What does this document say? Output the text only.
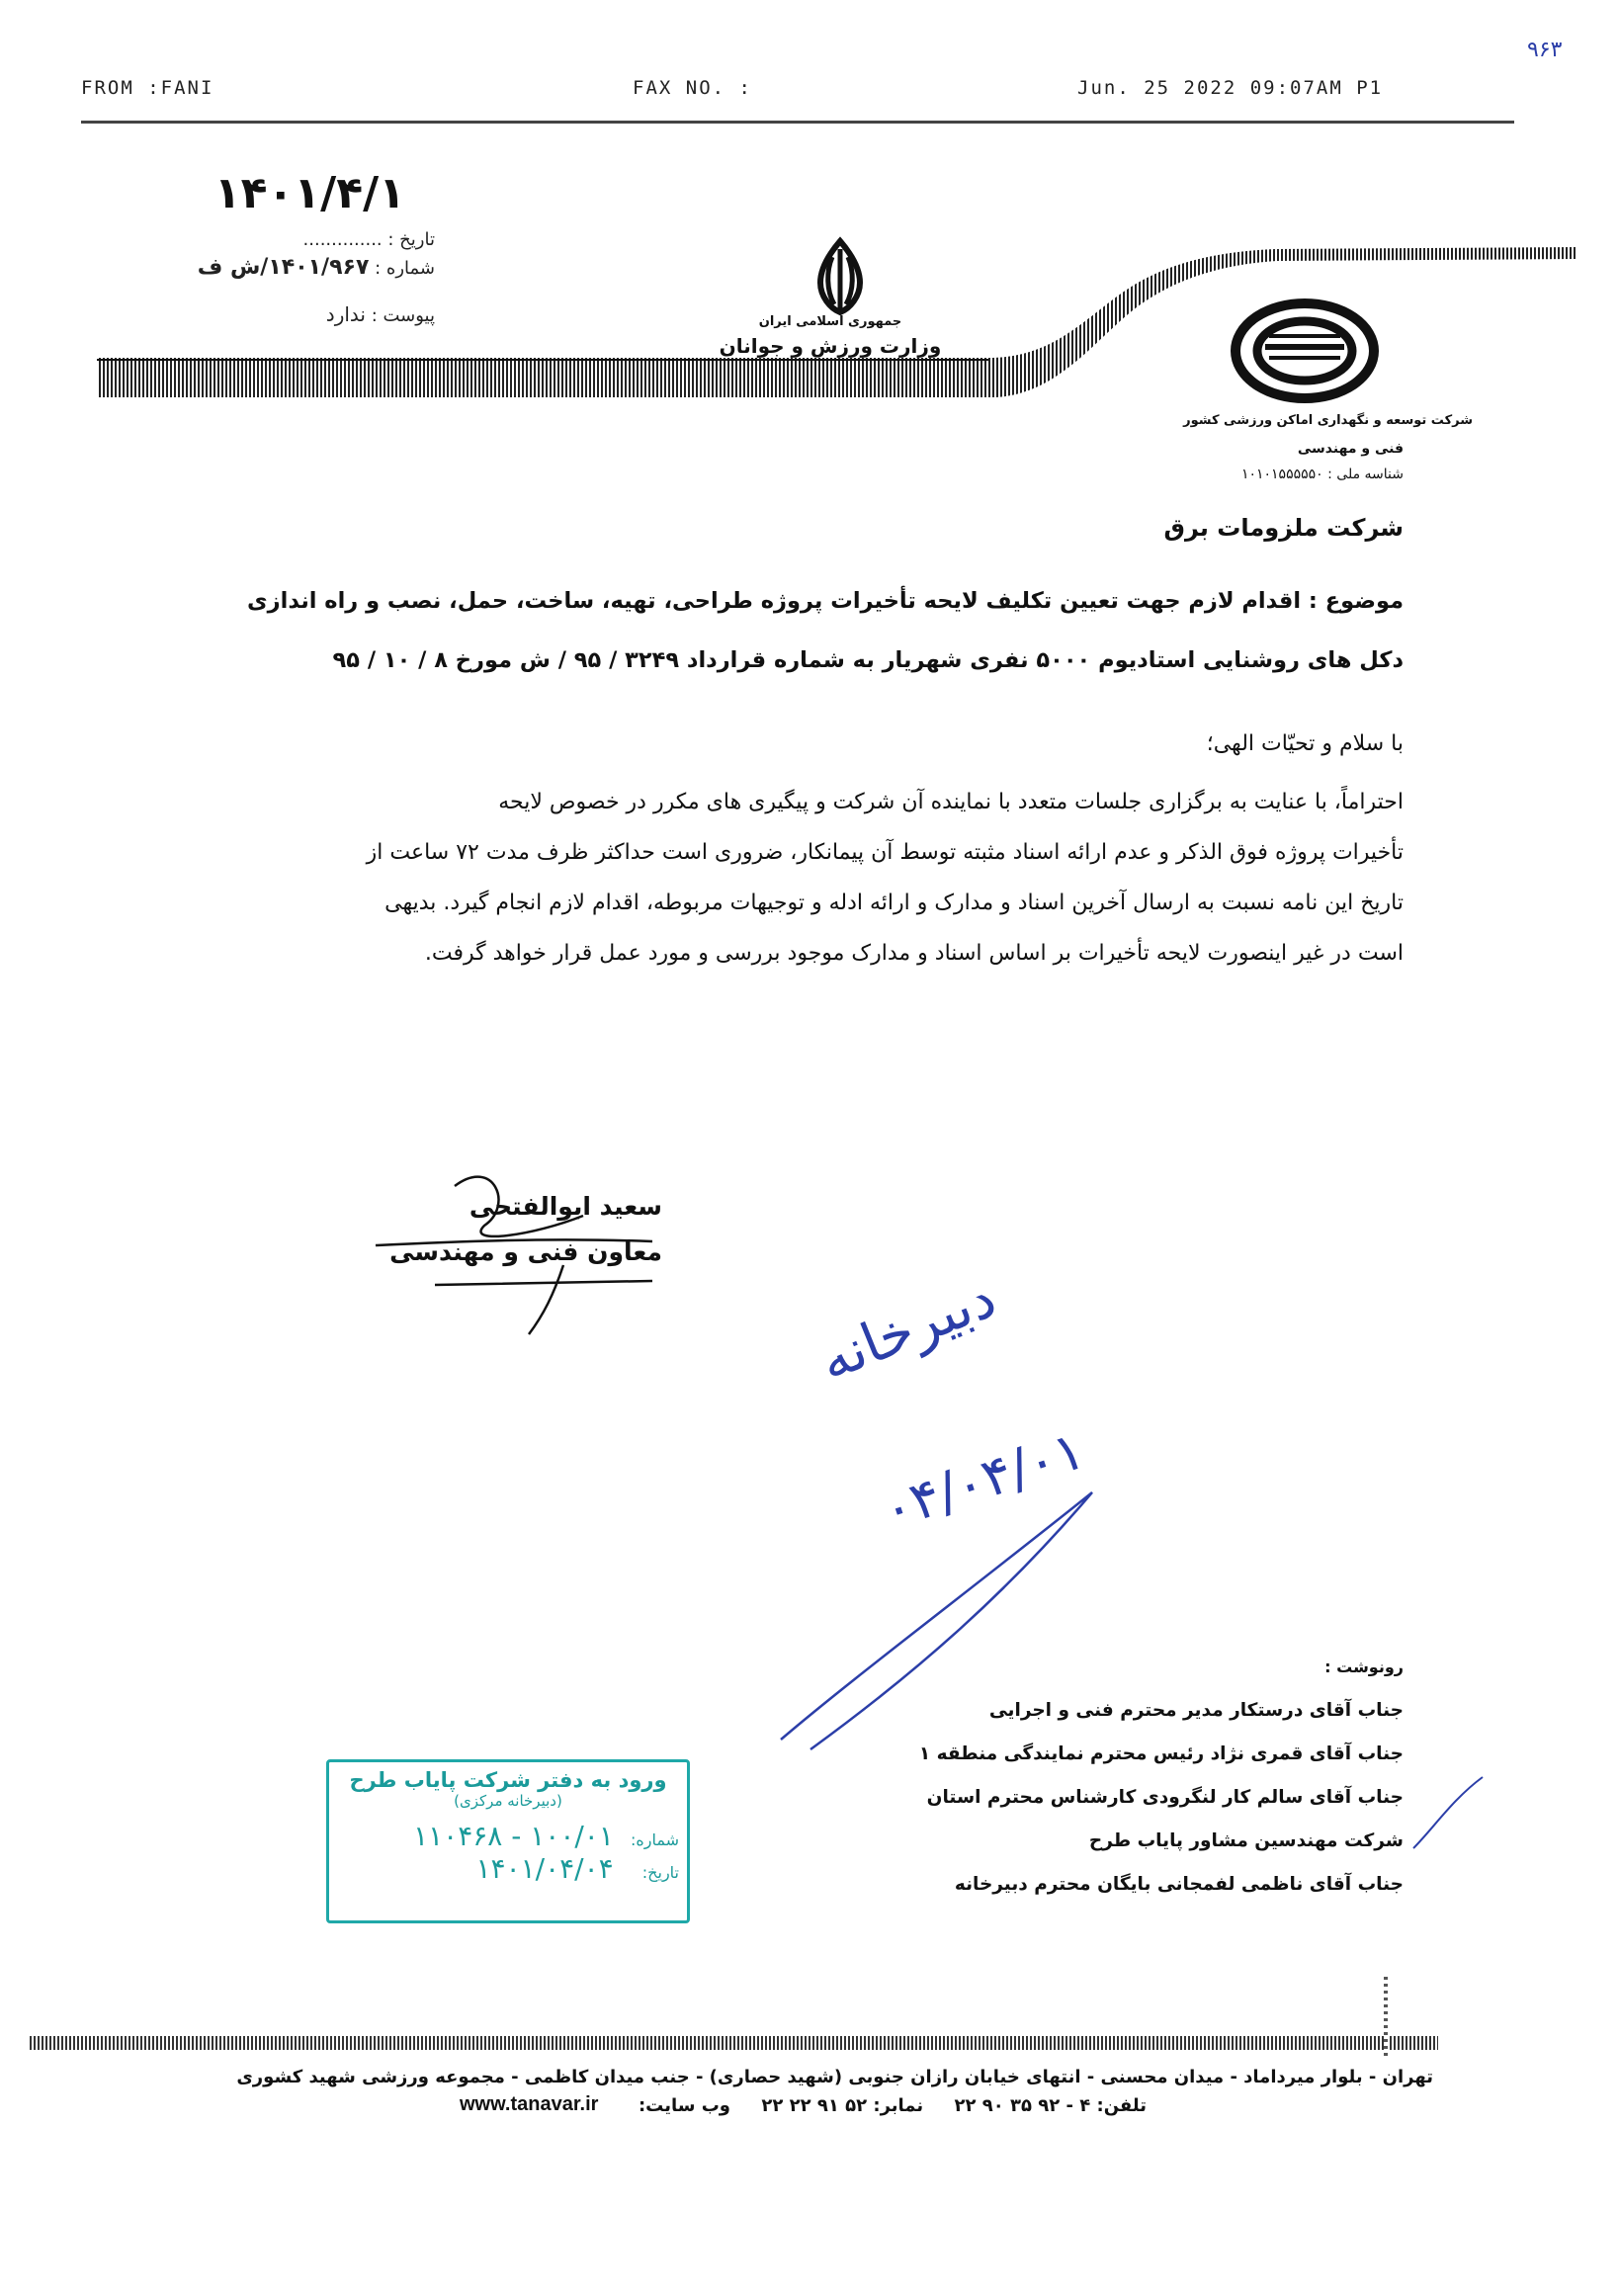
FROM :FANI	FAX NO. :	Jun. 25 2022 09:07AM P1
۹۶۳
۱۴۰۱/۴/۱
تاریخ : ..............
شماره : ۱۴۰۱/۹۶۷/ش ف
پیوست : ندارد	جمهوری اسلامی ایران
وزارت ورزش و جوانان
شرکت توسعه و نگهداری اماکن ورزشی کشور
فنی و مهندسی
شناسه ملی : ۱۰۱۰۱۵۵۵۵۵۰
شرکت ملزومات برق
موضوع : اقدام لازم جهت تعیین تکلیف لایحه تأخیرات پروژه طراحی، تهیه، ساخت، حمل، نصب و راه اندازی
دکل های روشنایی استادیوم ۵۰۰۰ نفری شهریار به شماره قرارداد ۳۲۴۹ / ۹۵ / ش مورخ ۸ / ۱۰ / ۹۵
با سلام و تحیّات الهی؛
احتراماً، با عنایت به برگزاری جلسات متعدد با نماینده آن شرکت و پیگیری های مکرر در خصوص لایحه
تأخیرات پروژه فوق الذکر و عدم ارائه اسناد مثبته توسط آن پیمانکار، ضروری است حداکثر ظرف مدت ۷۲ ساعت از
تاریخ این نامه نسبت به ارسال آخرین اسناد و مدارک و ارائه ادله و توجیهات مربوطه، اقدام لازم انجام گیرد. بدیهی
است در غیر اینصورت لایحه تأخیرات بر اساس اسناد و مدارک موجود بررسی و مورد عمل قرار خواهد گرفت.
سعید ابوالفتحی
معاون فنی و مهندسی
دبیرخانه
۰۴/۰۴/۰۱
رونوشت :
جناب آقای درستکار مدیر محترم فنی و اجرایی
جناب آقای قمری نژاد رئیس محترم نمایندگی منطقه ۱
جناب آقای سالم کار لنگرودی کارشناس محترم استان
شرکت مهندسین مشاور پایاب طرح
جناب آقای ناظمی لفمجانی بایگان محترم دبیرخانه
ورود به دفتر شرکت پایاب طرح
(دبیرخانه مرکزی)
شماره: ۱۰۰/۰۱ - ۱۱۰۴۶۸
تاریخ: ۱۴۰۱/۰۴/۰۴
تهران - بلوار میرداماد - میدان محسنی - انتهای خیابان رازان جنوبی (شهید حصاری) - جنب میدان کاظمی - مجموعه ورزشی شهید کشوری
تلفن: ۴ - ۹۲ ۳۵ ۹۰ ۲۲     نمابر: ۵۲ ۹۱ ۲۲ ۲۲     وب سایت:
www.tanavar.ir
